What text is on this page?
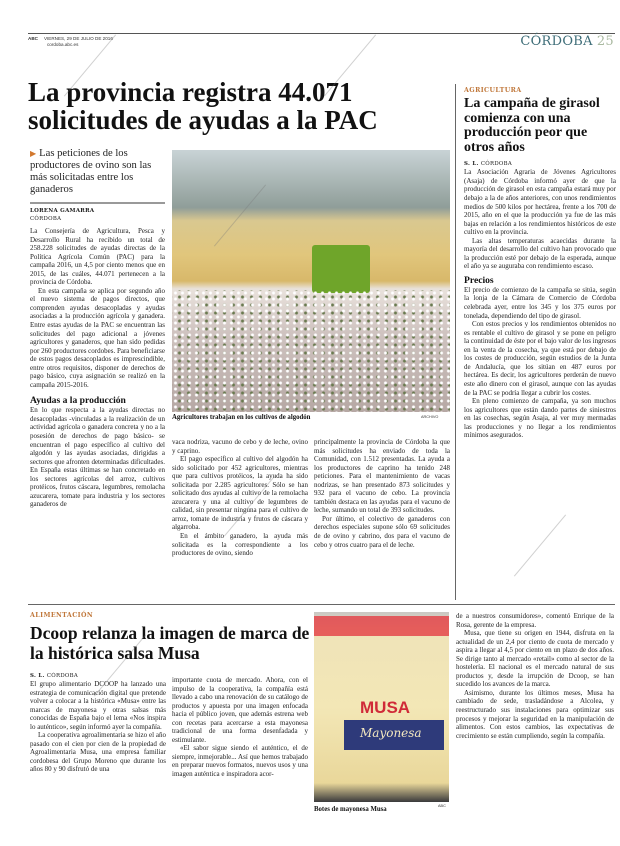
ABC VIERNES, 29 DE JULIO DE 2016
cordoba.abc.es	CÓRDOBA 25
La provincia registra 44.071 solicitudes de ayudas a la PAC
▶ Las peticiones de los productores de ovino son las más solicitadas entre los ganaderos
LORENA GAMARRA
CÓRDOBA

La Consejería de Agricultura, Pesca y Desarrollo Rural ha recibido un total de 258.228 solicitudes de ayudas directas de la Política Agrícola Común (PAC) para la campaña 2016, un 4,5 por ciento menos que en 2015, de las cuáles, 44.071 pertenecen a la provincia de Córdoba.

En esta campaña se aplica por segundo año el nuevo sistema de pagos directos, que comprenden ayudas desacopladas y ayudas asociadas a la producción agrícola y ganadera. Entre estas ayudas de la PAC se encuentran las solicitudes del pago adicional a jóvenes agricultores y ganaderos, que han sido pedidas por 260 productores cordobes. Para beneficiarse de estos pagos desacoplados es imprescindible, entre otros requisitos, disponer de derechos de pago básico, cuya asignación se realizó en la campaña 2015-2016.

Ayudas a la producción

En lo que respecta a la ayudas directas no desacopladas -vinculadas a la realización de un actividad agrícola o ganadera concreta y no a la posesión de derechos de pago básico- se encuentran el pago específico al cultivo del algodón y las ayudas asociadas, dirigidas a sectores que afronten determinadas dificultades. En España estas últimas se han concretado en los sectores agrícolas del arroz, cultivos protéicos, frutos cáscara, legumbres, remolacha azucarera, tomate para industria y los sectores ganaderos de

Agricultores trabajan en los cultivos de algodón	ARCHIVO

vaca nodriza, vacuno de cebo y de leche, ovino y caprino.

El pago específico al cultivo del algodón ha sido solicitado por 452 agricultores, mientras que para cultivos protéicos, la ayuda ha sido solicitada por 2.285 agricultores. Sólo se han solicitado dos ayudas al cultivo de la remolacha azucarera y una al cultivo de legumbres de calidad, sin presentar ninguna para el cultivo de arroz, tomate de industria y frutos de cáscara y algarroba.

En el ámbito ganadero, la ayuda más solicitada es la correspondiente a los productores de ovino, siendo

principalmente la provincia de Córdoba la que más solicitudes ha enviado de toda la Comunidad, con 1.512 presentadas. La ayuda a los productores de caprino ha tenido 248 peticiones. Para el mantenimiento de vacas nodrizas, se han presentado 873 solicitudes y 932 para el vacuno de cebo. La provincia también destaca en las ayudas para el vacuno de leche, sumando un total de 393 solicitudes.

Por último, el colectivo de ganaderos con derechos especiales supone sólo 69 solicitudes de de ovino y cabrino, dos para el vacuno de cebo y otros cuatro para el de leche.

AGRICULTURA
La campaña de girasol comienza con una producción peor que otros años
S. L. CÓRDOBA

La Asociación Agraria de Jóvenes Agricultores (Asaja) de Córdoba informó ayer de que la producción de girasol en esta campaña estará muy por debajo a la de años anteriores, con unos rendimientos medios de 500 kilos por hectárea, frente a los 700 de 2015, año en el que la producción ya fue de las más bajas en relación a los rendimientos históricos de este cultivo en la provincia.

Las altas temperaturas acaecidas durante la mayoría del desarrollo del cultivo han provocado que la producción esté por debajo de la esperada, aunque el año ya se auguraba con rendimiento escaso.

Precios

El precio de comienzo de la campaña se sitúa, según la lonja de la Cámara de Comercio de Córdoba celebrada ayer, entre los 345 y los 375 euros por tonelada, dependiendo del tipo de girasol.

Con estos precios y los rendimientos obtenidos no es rentable el cultivo de girasol y se pone en peligro la continuidad de éste por el bajo valor de los ingresos en la venta de la cosecha, ya que está por debajo de los costes de producción, según estudios de la Junta de Andalucía, que los sitúan en 487 euros por hectárea. Es decir, los agricultores perderán de nuevo este año dinero con el girasol, aunque con las ayudas de la PAC se podría llegar a cubrir los costes.

En pleno comienzo de campaña, ya son muchos los agricultores que están dando partes de siniestros en las cosechas, según Asaja, al ver muy mermadas las producciones y no llegar a los rendimientos mínimos asegurados.

ALIMENTACIÓN
Dcoop relanza la imagen de marca de la histórica salsa Musa
S. L. CÓRDOBA

El grupo alimentario DCOOP ha lanzado una estrategia de comunicación digital que pretende volver a colocar a la histórica «Musa» entre las marcas de mayonesa y otras salsas más conocidas de España bajo el lema «Nos inspira lo auténtico», según informó ayer la compañía.

La cooperativa agroalimentaria se hizo el año pasado con el cien por cien de la propiedad de Agroalimentaria Musa, una empresa familiar cordobesa del Grupo Moreno que durante los años 80 y 90 disfrutó de una

importante cuota de mercado. Ahora, con el impulso de la cooperativa, la compañía está llevado a cabo una renovación de su catálogo de productos y apuesta por una imagen enfocada hacia el público joven, que además estrena web con recetas para acercarse a esta mayonesa tradicional de una forma desenfadada y estimulante.

«El sabor sigue siendo el auténtico, el de siempre, inmejorable... Así que hemos trabajado en preparar nuevos formatos, nuevos usos y una imagen auténtica e inspiradora acor-

MUSA
Mayonesa
Botes de mayonesa Musa	ABC

de a nuestros consumidores», comentó Enrique de la Rosa, gerente de la empresa.

Musa, que tiene su origen en 1944, disfruta en la actualidad de un 2,4 por ciento de cuota de mercado y aspira a llegar al 4,5 por ciento en un plazo de dos años. Se dirige tanto al mercado «retail» como al sector de la hostelería. El nacional es el mercado natural de sus productos y, desde la irrupción de Dcoop, se han sucedido los avances de la marca.

Asimismo, durante los últimos meses, Musa ha cambiado de sede, trasladándose a Alcolea, y reestructurado sus instalaciones para optimizar sus procesos y mejorar la seguridad en la manipulación de alimentos. Con estos cambios, las expectativas de crecimiento se están cumpliendo, según la compañía.
